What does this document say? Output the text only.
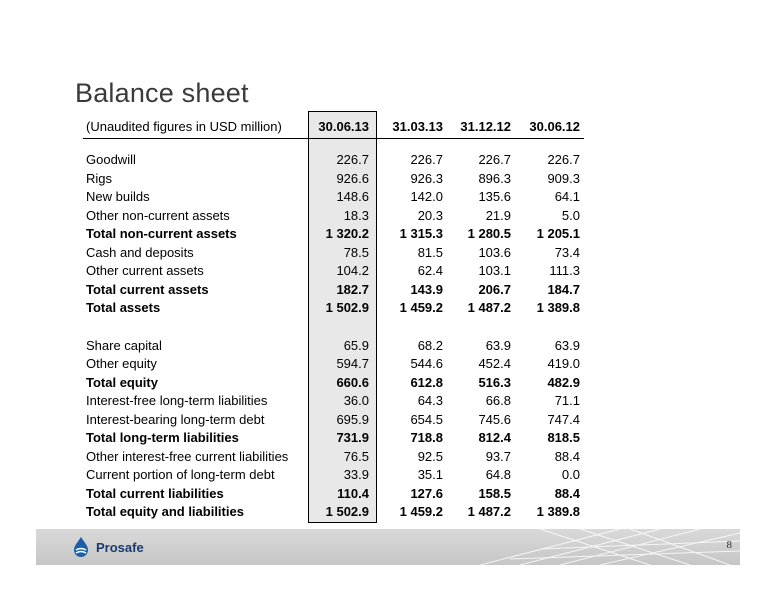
Balance sheet
(Unaudited figures in USD million)	30.06.13	31.03.13	31.12.12	30.06.12
Goodwill	226.7	226.7	226.7	226.7
Rigs	926.6	926.3	896.3	909.3
New builds	148.6	142.0	135.6	64.1
Other non-current assets	18.3	20.3	21.9	5.0
Total non-current assets	1 320.2	1 315.3	1 280.5	1 205.1
Cash and deposits	78.5	81.5	103.6	73.4
Other current assets	104.2	62.4	103.1	111.3
Total current assets	182.7	143.9	206.7	184.7
Total assets	1 502.9	1 459.2	1 487.2	1 389.8
Share capital	65.9	68.2	63.9	63.9
Other equity	594.7	544.6	452.4	419.0
Total equity	660.6	612.8	516.3	482.9
Interest-free long-term liabilities	36.0	64.3	66.8	71.1
Interest-bearing long-term debt	695.9	654.5	745.6	747.4
Total long-term liabilities	731.9	718.8	812.4	818.5
Other interest-free current liabilities	76.5	92.5	93.7	88.4
Current portion of long-term debt	33.9	35.1	64.8	0.0
Total current liabilities	110.4	127.6	158.5	88.4
Total equity and liabilities	1 502.9	1 459.2	1 487.2	1 389.8
Prosafe	8
